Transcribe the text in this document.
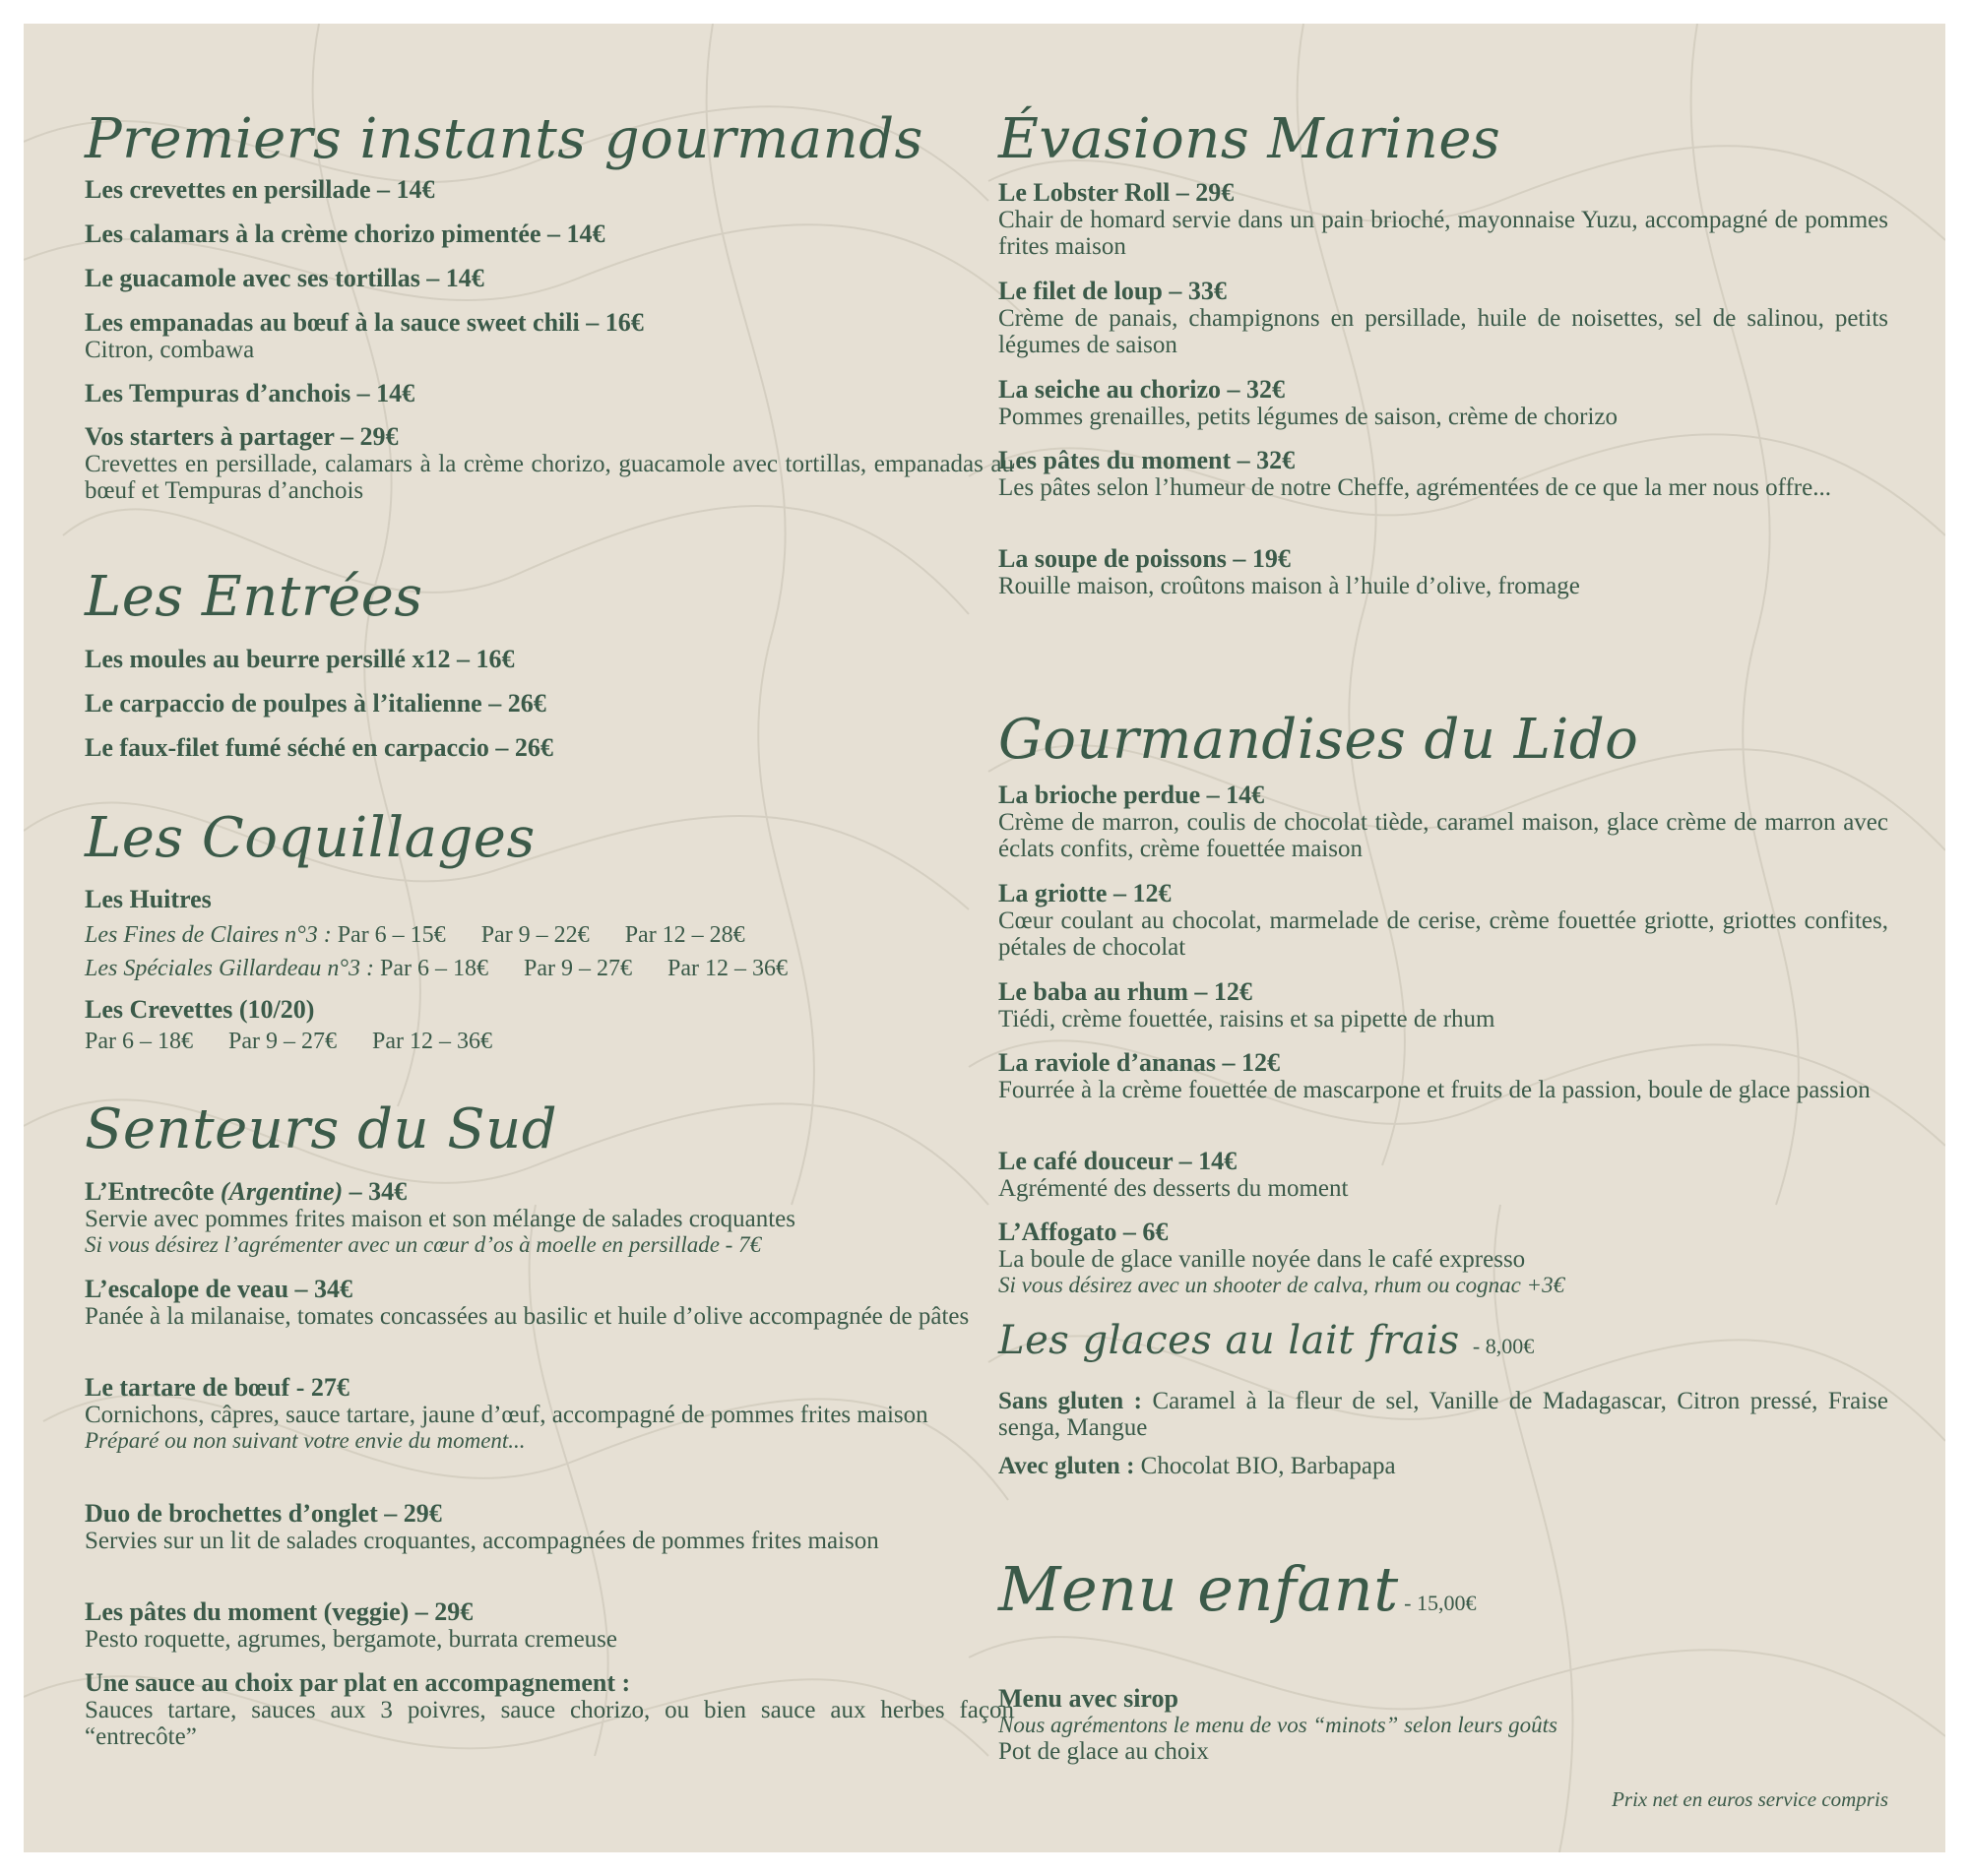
Premiers instants gourmands
Les crevettes en persillade – 14€
Les calamars à la crème chorizo pimentée – 14€
Le guacamole avec ses tortillas – 14€
Les empanadas au bœuf à la sauce sweet chili – 16€
Citron, combawa
Les Tempuras d’anchois – 14€
Vos starters à partager – 29€
Crevettes en persillade, calamars à la crème chorizo, guacamole avec tortillas, empanadas au bœuf et Tempuras d’anchois
Les Entrées
Les moules au beurre persillé x12 – 16€
Le carpaccio de poulpes à l’italienne – 26€
Le faux-filet fumé séché en carpaccio – 26€
Les Coquillages
Les Huitres
Les Fines de Claires n°3 : Par 6 – 15€ Par 9 – 22€ Par 12 – 28€
Les Spéciales Gillardeau n°3 : Par 6 – 18€ Par 9 – 27€ Par 12 – 36€
Les Crevettes (10/20)
Par 6 – 18€ Par 9 – 27€ Par 12 – 36€
Senteurs du Sud
L’Entrecôte (Argentine) – 34€
Servie avec pommes frites maison et son mélange de salades croquantes
Si vous désirez l’agrémenter avec un cœur d’os à moelle en persillade - 7€
L’escalope de veau – 34€
Panée à la milanaise, tomates concassées au basilic et huile d’olive accompagnée de pâtes
Le tartare de bœuf - 27€
Cornichons, câpres, sauce tartare, jaune d’œuf, accompagné de pommes frites maison
Préparé ou non suivant votre envie du moment...
Duo de brochettes d’onglet – 29€
Servies sur un lit de salades croquantes, accompagnées de pommes frites maison
Les pâtes du moment (veggie) – 29€
Pesto roquette, agrumes, bergamote, burrata cremeuse
Une sauce au choix par plat en accompagnement :
Sauces tartare, sauces aux 3 poivres, sauce chorizo, ou bien sauce aux herbes façon “entrecôte”
Évasions Marines
Le Lobster Roll – 29€
Chair de homard servie dans un pain brioché, mayonnaise Yuzu, accompagné de pommes frites maison
Le filet de loup – 33€
Crème de panais, champignons en persillade, huile de noisettes, sel de salinou, petits légumes de saison
La seiche au chorizo – 32€
Pommes grenailles, petits légumes de saison, crème de chorizo
Les pâtes du moment – 32€
Les pâtes selon l’humeur de notre Cheffe, agrémentées de ce que la mer nous offre...
La soupe de poissons – 19€
Rouille maison, croûtons maison à l’huile d’olive, fromage
Gourmandises du Lido
La brioche perdue – 14€
Crème de marron, coulis de chocolat tiède, caramel maison, glace crème de marron avec éclats confits, crème fouettée maison
La griotte – 12€
Cœur coulant au chocolat, marmelade de cerise, crème fouettée griotte, griottes confites, pétales de chocolat
Le baba au rhum – 12€
Tiédi, crème fouettée, raisins et sa pipette de rhum
La raviole d’ananas – 12€
Fourrée à la crème fouettée de mascarpone et fruits de la passion, boule de glace passion
Le café douceur – 14€
Agrémenté des desserts du moment
L’Affogato – 6€
La boule de glace vanille noyée dans le café expresso
Si vous désirez avec un shooter de calva, rhum ou cognac +3€
Les glaces au lait frais - 8,00€
Sans gluten : Caramel à la fleur de sel, Vanille de Madagascar, Citron pressé, Fraise senga, Mangue
Avec gluten : Chocolat BIO, Barbapapa
Menu enfant - 15,00€
Menu avec sirop
Nous agrémentons le menu de vos “minots” selon leurs goûts
Pot de glace au choix
Prix net en euros service compris
